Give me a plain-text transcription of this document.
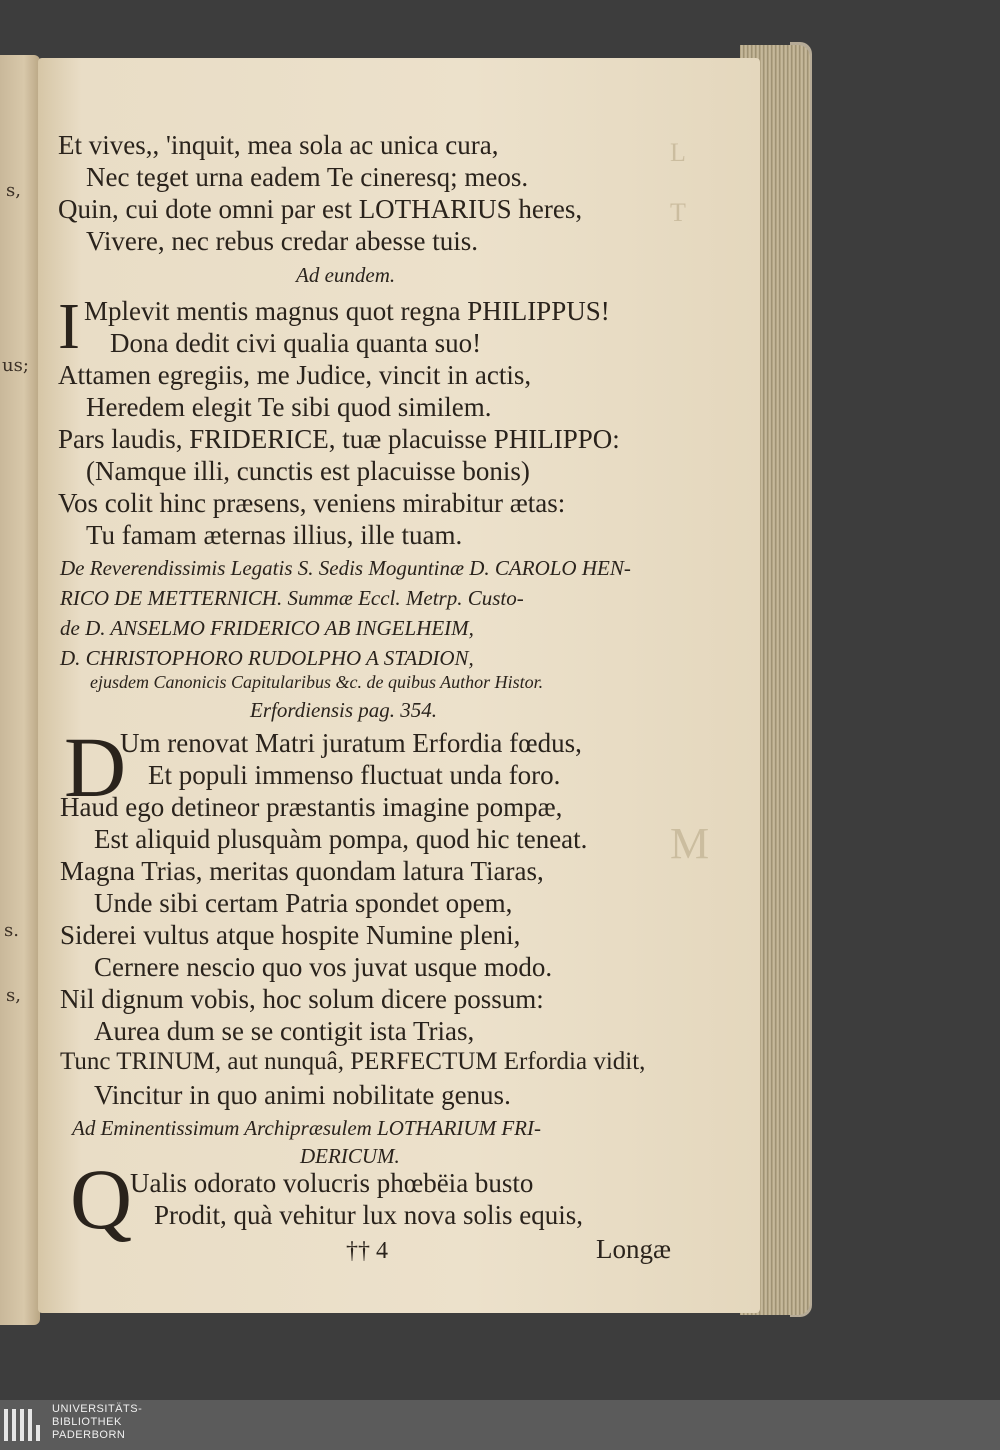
s,
us;
s.
s,
L
T
M
Et vives,, 'inquit, mea sola ac unica cura,
Nec teget urna eadem Te cineresq; meos.
Quin, cui dote omni par est LOTHARIUS heres,
Vivere, nec rebus credar abesse tuis.
Ad eundem.
I Mplevit mentis magnus quot regna PHILIPPUS!
Dona dedit civi qualia quanta suo!
Attamen egregiis, me Judice, vincit in actis,
Heredem elegit Te sibi quod similem.
Pars laudis, FRIDERICE, tuæ placuisse PHILIPPO:
(Namque illi, cunctis est placuisse bonis)
Vos colit hinc præsens, veniens mirabitur ætas:
Tu famam æternas illius, ille tuam.
De Reverendissimis Legatis S. Sedis Moguntinæ D. CAROLO HEN-
RICO DE METTERNICH. Summæ Eccl. Metrp. Custo-
de D. ANSELMO FRIDERICO AB INGELHEIM,
D. CHRISTOPHORO RUDOLPHO A STADION,
ejusdem Canonicis Capitularibus &c. de quibus Author Histor.
Erfordiensis pag. 354.
D
Um renovat Matri juratum Erfordia fœdus,
Et populi immenso fluctuat unda foro.
Haud ego detineor præstantis imagine pompæ,
Est aliquid plusquàm pompa, quod hic teneat.
Magna Trias, meritas quondam latura Tiaras,
Unde sibi certam Patria spondet opem,
Siderei vultus atque hospite Numine pleni,
Cernere nescio quo vos juvat usque modo.
Nil dignum vobis, hoc solum dicere possum:
Aurea dum se se contigit ista Trias,
Tunc TRINUM, aut nunquâ, PERFECTUM Erfordia vidit,
Vincitur in quo animi nobilitate genus.
Ad Eminentissimum Archipræsulem LOTHARIUM FRI-
DERICUM.
Q
Ualis odorato volucris phœbëia busto
Prodit, quà vehitur lux nova solis equis,
†† 4	Longæ
UNIVERSITÄTS-
BIBLIOTHEK
PADERBORN
